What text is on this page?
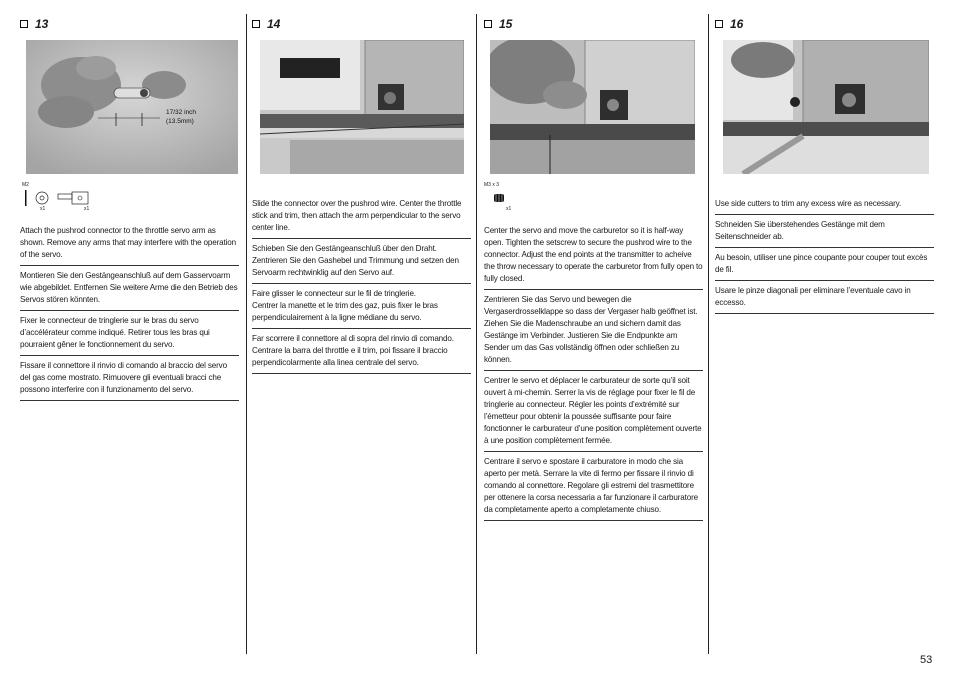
13
17/32 inch
(13.5mm)
M2
x1	x1
Attach the pushrod connector to the throttle servo arm as shown. Remove any arms that may interfere with the operation of the servo.
Montieren Sie den Gestängeanschluß auf dem Gasservoarm wie abgebildet. Entfernen Sie weitere Arme die den Betrieb des Servos stören könnten.
Fixer le connecteur de tringlerie sur le bras du servo d’accélérateur comme indiqué. Retirer tous les bras qui pourraient gêner le fonctionnement du servo.
Fissare il connettore il rinvio di comando al braccio del servo del gas come mostrato. Rimuovere gli eventuali bracci che possono interferire con il funzionamento del servo.
14
Slide the connector over the pushrod wire. Center the throttle stick and trim, then attach the arm perpendicular to the servo center line.
Schieben Sie den Gestängeanschluß über den Draht. Zentrieren Sie den Gashebel und Trimmung und setzen den Servoarm rechtwinklig auf den Servo auf.
Faire glisser le connecteur sur le fil de tringlerie.
Centrer la manette et le trim des gaz, puis fixer le bras perpendiculairement à la ligne médiane du servo.
Far scorrere il connettore al di sopra del rinvio di comando. Centrare la barra del throttle e il trim, poi fissare il braccio perpendicolarmente alla linea centrale del servo.
15
M3 x 3
x1
Center the servo and move the carburetor so it is half-way open. Tighten the setscrew to secure the pushrod wire to the connector. Adjust the end points at the transmitter to acheive the throw necessary to operate the carburetor from fully open to fully closed.
Zentrieren Sie das Servo und bewegen die Vergaserdrosselklappe so dass der Vergaser halb geöffnet ist. Ziehen Sie die Madenschraube an und sichern damit das Gestänge im Verbinder. Justieren Sie die Endpunkte am Sender um das Gas vollständig öffnen oder schließen zu können.
Centrer le servo et déplacer le carburateur de sorte qu’il soit ouvert à mi-chemin. Serrer la vis de réglage pour fixer le fil de tringlerie au connecteur. Régler les points d’extrémité sur l’émetteur pour obtenir la poussée suffisante pour faire fonctionner le carburateur d’une position complètement ouverte à une position complètement fermée.
Centrare il servo e spostare il carburatore in modo che sia aperto per metà. Serrare la vite di fermo per fissare il rinvio di comando al connettore. Regolare gli estremi del trasmettitore per ottenere la corsa necessaria a far funzionare il carburatore da completamente aperto a completamente chiuso.
16
Use side cutters to trim any excess wire as necessary.
Schneiden Sie überstehendes Gestänge mit dem Seitenschneider ab.
Au besoin, utiliser une pince coupante pour couper tout excès de fil.
Usare le pinze diagonali per eliminare l’eventuale cavo in eccesso.
53
